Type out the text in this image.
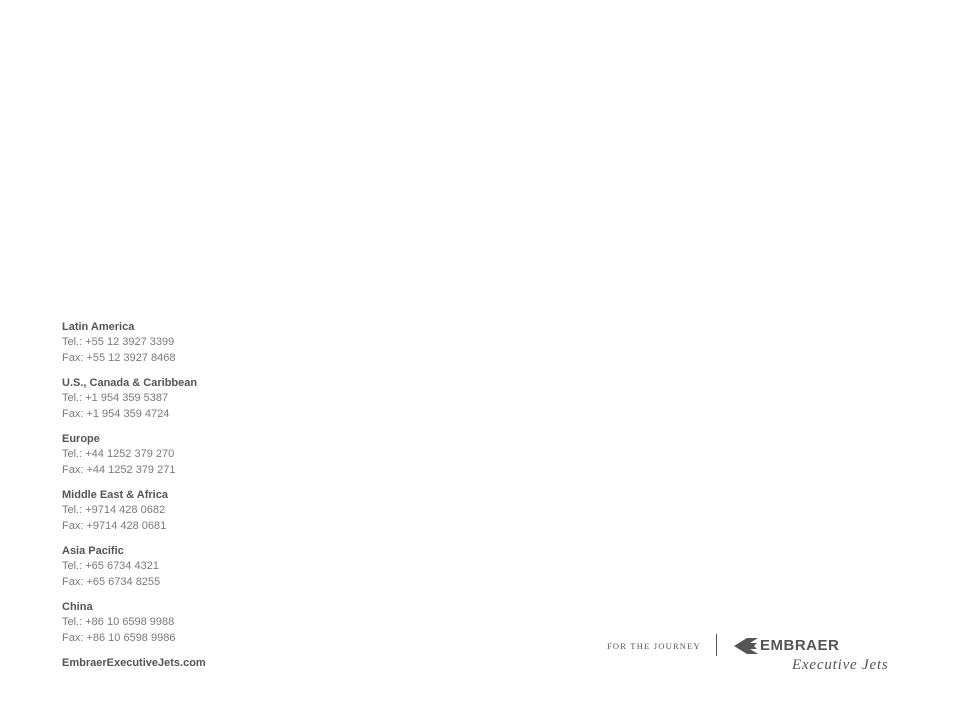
Latin America
Tel.: +55 12 3927 3399
Fax: +55 12 3927 8468
U.S., Canada & Caribbean
Tel.: +1 954 359 5387
Fax: +1 954 359 4724
Europe
Tel.: +44 1252 379 270
Fax: +44 1252 379 271
Middle East & Africa
Tel.: +9714 428 0682
Fax: +9714 428 0681
Asia Pacific
Tel.: +65 6734 4321
Fax: +65 6734 8255
China
Tel.: +86 10 6598 9988
Fax: +86 10 6598 9986
EmbraerExecutiveJets.com
FOR THE JOURNEY	EMBRAER
Executive Jets
